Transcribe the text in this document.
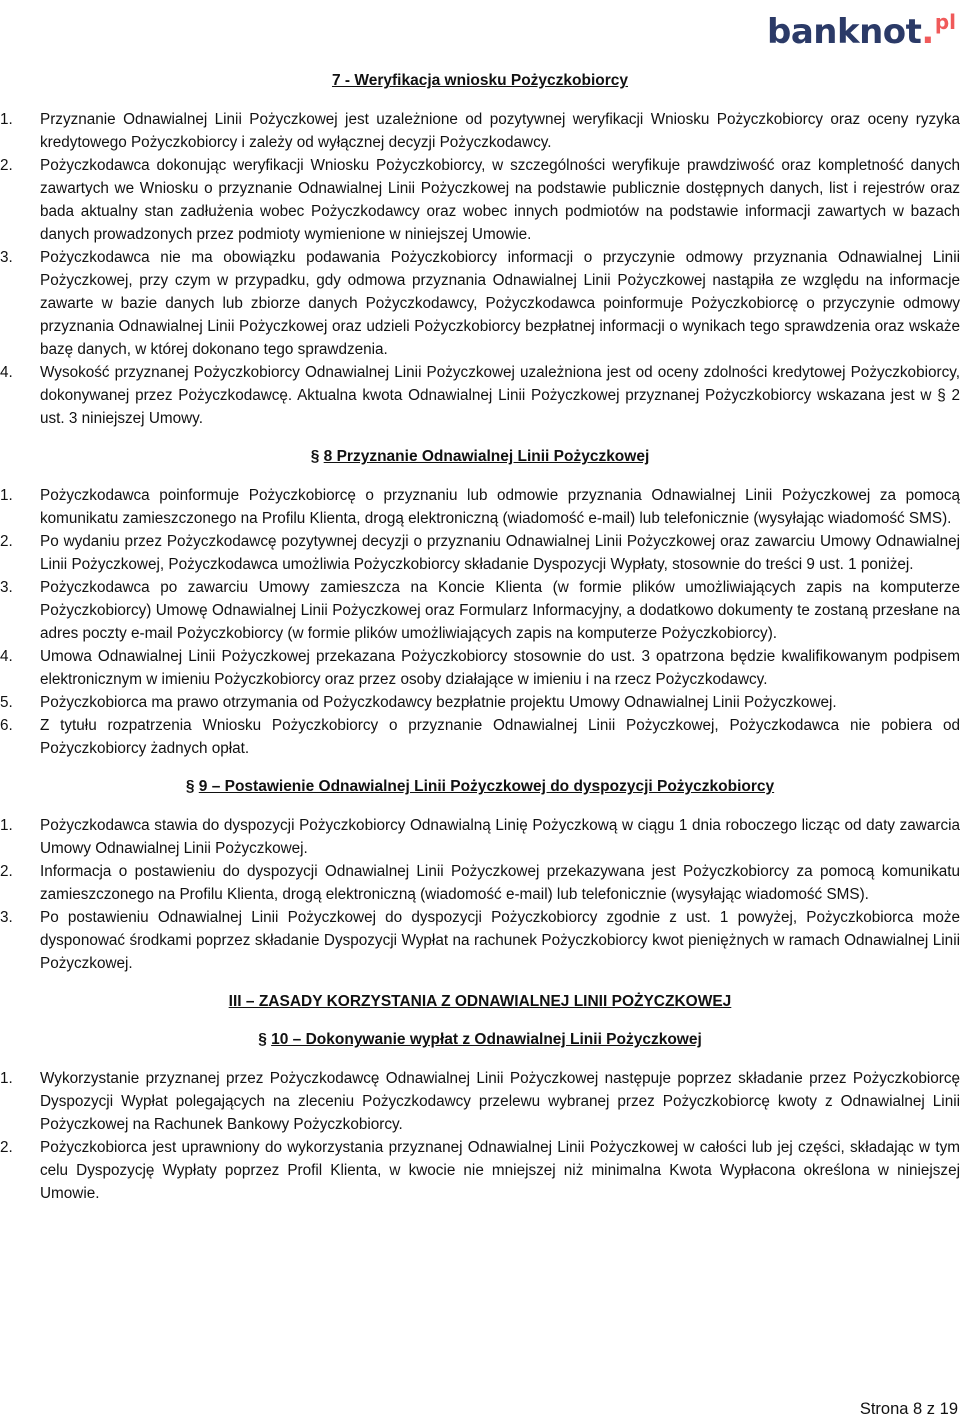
banknot.$^{pl}$
7 - Weryfikacja wniosku Pożyczkobiorcy
1.	Przyznanie Odnawialnej Linii Pożyczkowej jest uzależnione od pozytywnej weryfikacji Wniosku Pożyczkobiorcy oraz oceny ryzyka kredytowego Pożyczkobiorcy i zależy od wyłącznej decyzji Pożyczkodawcy.
2.	Pożyczkodawca dokonując weryfikacji Wniosku Pożyczkobiorcy, w szczególności weryfikuje prawdziwość oraz kompletność danych zawartych we Wniosku o przyznanie Odnawialnej Linii Pożyczkowej na podstawie publicznie dostępnych danych, list i rejestrów oraz bada aktualny stan zadłużenia wobec Pożyczkodawcy oraz wobec innych podmiotów na podstawie informacji zawartych w bazach danych prowadzonych przez podmioty wymienione w niniejszej Umowie.
3.	Pożyczkodawca nie ma obowiązku podawania Pożyczkobiorcy informacji o przyczynie odmowy przyznania Odnawialnej Linii Pożyczkowej, przy czym w przypadku, gdy odmowa przyznania Odnawialnej Linii Pożyczkowej nastąpiła ze względu na informacje zawarte w bazie danych lub zbiorze danych Pożyczkodawcy, Pożyczkodawca poinformuje Pożyczkobiorcę o przyczynie odmowy przyznania Odnawialnej Linii Pożyczkowej oraz udzieli Pożyczkobiorcy bezpłatnej informacji o wynikach tego sprawdzenia oraz wskaże bazę danych, w której dokonano tego sprawdzenia.
4.	Wysokość przyznanej Pożyczkobiorcy Odnawialnej Linii Pożyczkowej uzależniona jest od oceny zdolności kredytowej Pożyczkobiorcy, dokonywanej przez Pożyczkodawcę. Aktualna kwota Odnawialnej Linii Pożyczkowej przyznanej Pożyczkobiorcy wskazana jest w § 2 ust. 3 niniejszej Umowy.
§ 8 Przyznanie Odnawialnej Linii Pożyczkowej
1.	Pożyczkodawca poinformuje Pożyczkobiorcę o przyznaniu lub odmowie przyznania Odnawialnej Linii Pożyczkowej za pomocą komunikatu zamieszczonego na Profilu Klienta, drogą elektroniczną (wiadomość e-mail) lub telefonicznie (wysyłając wiadomość SMS).
2.	Po wydaniu przez Pożyczkodawcę pozytywnej decyzji o przyznaniu Odnawialnej Linii Pożyczkowej oraz zawarciu Umowy Odnawialnej Linii Pożyczkowej, Pożyczkodawca umożliwia Pożyczkobiorcy składanie Dyspozycji Wypłaty, stosownie do treści 9 ust. 1 poniżej.
3.	Pożyczkodawca po zawarciu Umowy zamieszcza na Koncie Klienta (w formie plików umożliwiających zapis na komputerze Pożyczkobiorcy) Umowę Odnawialnej Linii Pożyczkowej oraz Formularz Informacyjny, a dodatkowo dokumenty te zostaną przesłane na adres poczty e-mail Pożyczkobiorcy (w formie plików umożliwiających zapis na komputerze Pożyczkobiorcy).
4.	Umowa Odnawialnej Linii Pożyczkowej przekazana Pożyczkobiorcy stosownie do ust. 3 opatrzona będzie kwalifikowanym podpisem elektronicznym w imieniu Pożyczkobiorcy oraz przez osoby działające w imieniu i na rzecz Pożyczkodawcy.
5.	Pożyczkobiorca ma prawo otrzymania od Pożyczkodawcy bezpłatnie projektu Umowy Odnawialnej Linii Pożyczkowej.
6.	Z tytułu rozpatrzenia Wniosku Pożyczkobiorcy o przyznanie Odnawialnej Linii Pożyczkowej, Pożyczkodawca nie pobiera od Pożyczkobiorcy żadnych opłat.
§ 9 – Postawienie Odnawialnej Linii Pożyczkowej do dyspozycji Pożyczkobiorcy
1.	Pożyczkodawca stawia do dyspozycji Pożyczkobiorcy Odnawialną Linię Pożyczkową w ciągu 1 dnia roboczego licząc od daty zawarcia Umowy Odnawialnej Linii Pożyczkowej.
2.	Informacja o postawieniu do dyspozycji Odnawialnej Linii Pożyczkowej przekazywana jest Pożyczkobiorcy za pomocą komunikatu zamieszczonego na Profilu Klienta, drogą elektroniczną (wiadomość e-mail) lub telefonicznie (wysyłając wiadomość SMS).
3.	Po postawieniu Odnawialnej Linii Pożyczkowej do dyspozycji Pożyczkobiorcy zgodnie z ust. 1 powyżej, Pożyczkobiorca może dysponować środkami poprzez składanie Dyspozycji Wypłat na rachunek Pożyczkobiorcy kwot pieniężnych w ramach Odnawialnej Linii Pożyczkowej.
III – ZASADY KORZYSTANIA Z ODNAWIALNEJ LINII POŻYCZKOWEJ
§ 10 – Dokonywanie wypłat z Odnawialnej Linii Pożyczkowej
1.	Wykorzystanie przyznanej przez Pożyczkodawcę Odnawialnej Linii Pożyczkowej następuje poprzez składanie przez Pożyczkobiorcę Dyspozycji Wypłat polegających na zleceniu Pożyczkodawcy przelewu wybranej przez Pożyczkobiorcę kwoty z Odnawialnej Linii Pożyczkowej na Rachunek Bankowy Pożyczkobiorcy.
2.	Pożyczkobiorca jest uprawniony do wykorzystania przyznanej Odnawialnej Linii Pożyczkowej w całości lub jej części, składając w tym celu Dyspozycję Wypłaty poprzez Profil Klienta, w kwocie nie mniejszej niż minimalna Kwota Wypłacona określona w niniejszej Umowie.
Strona 8 z 19
